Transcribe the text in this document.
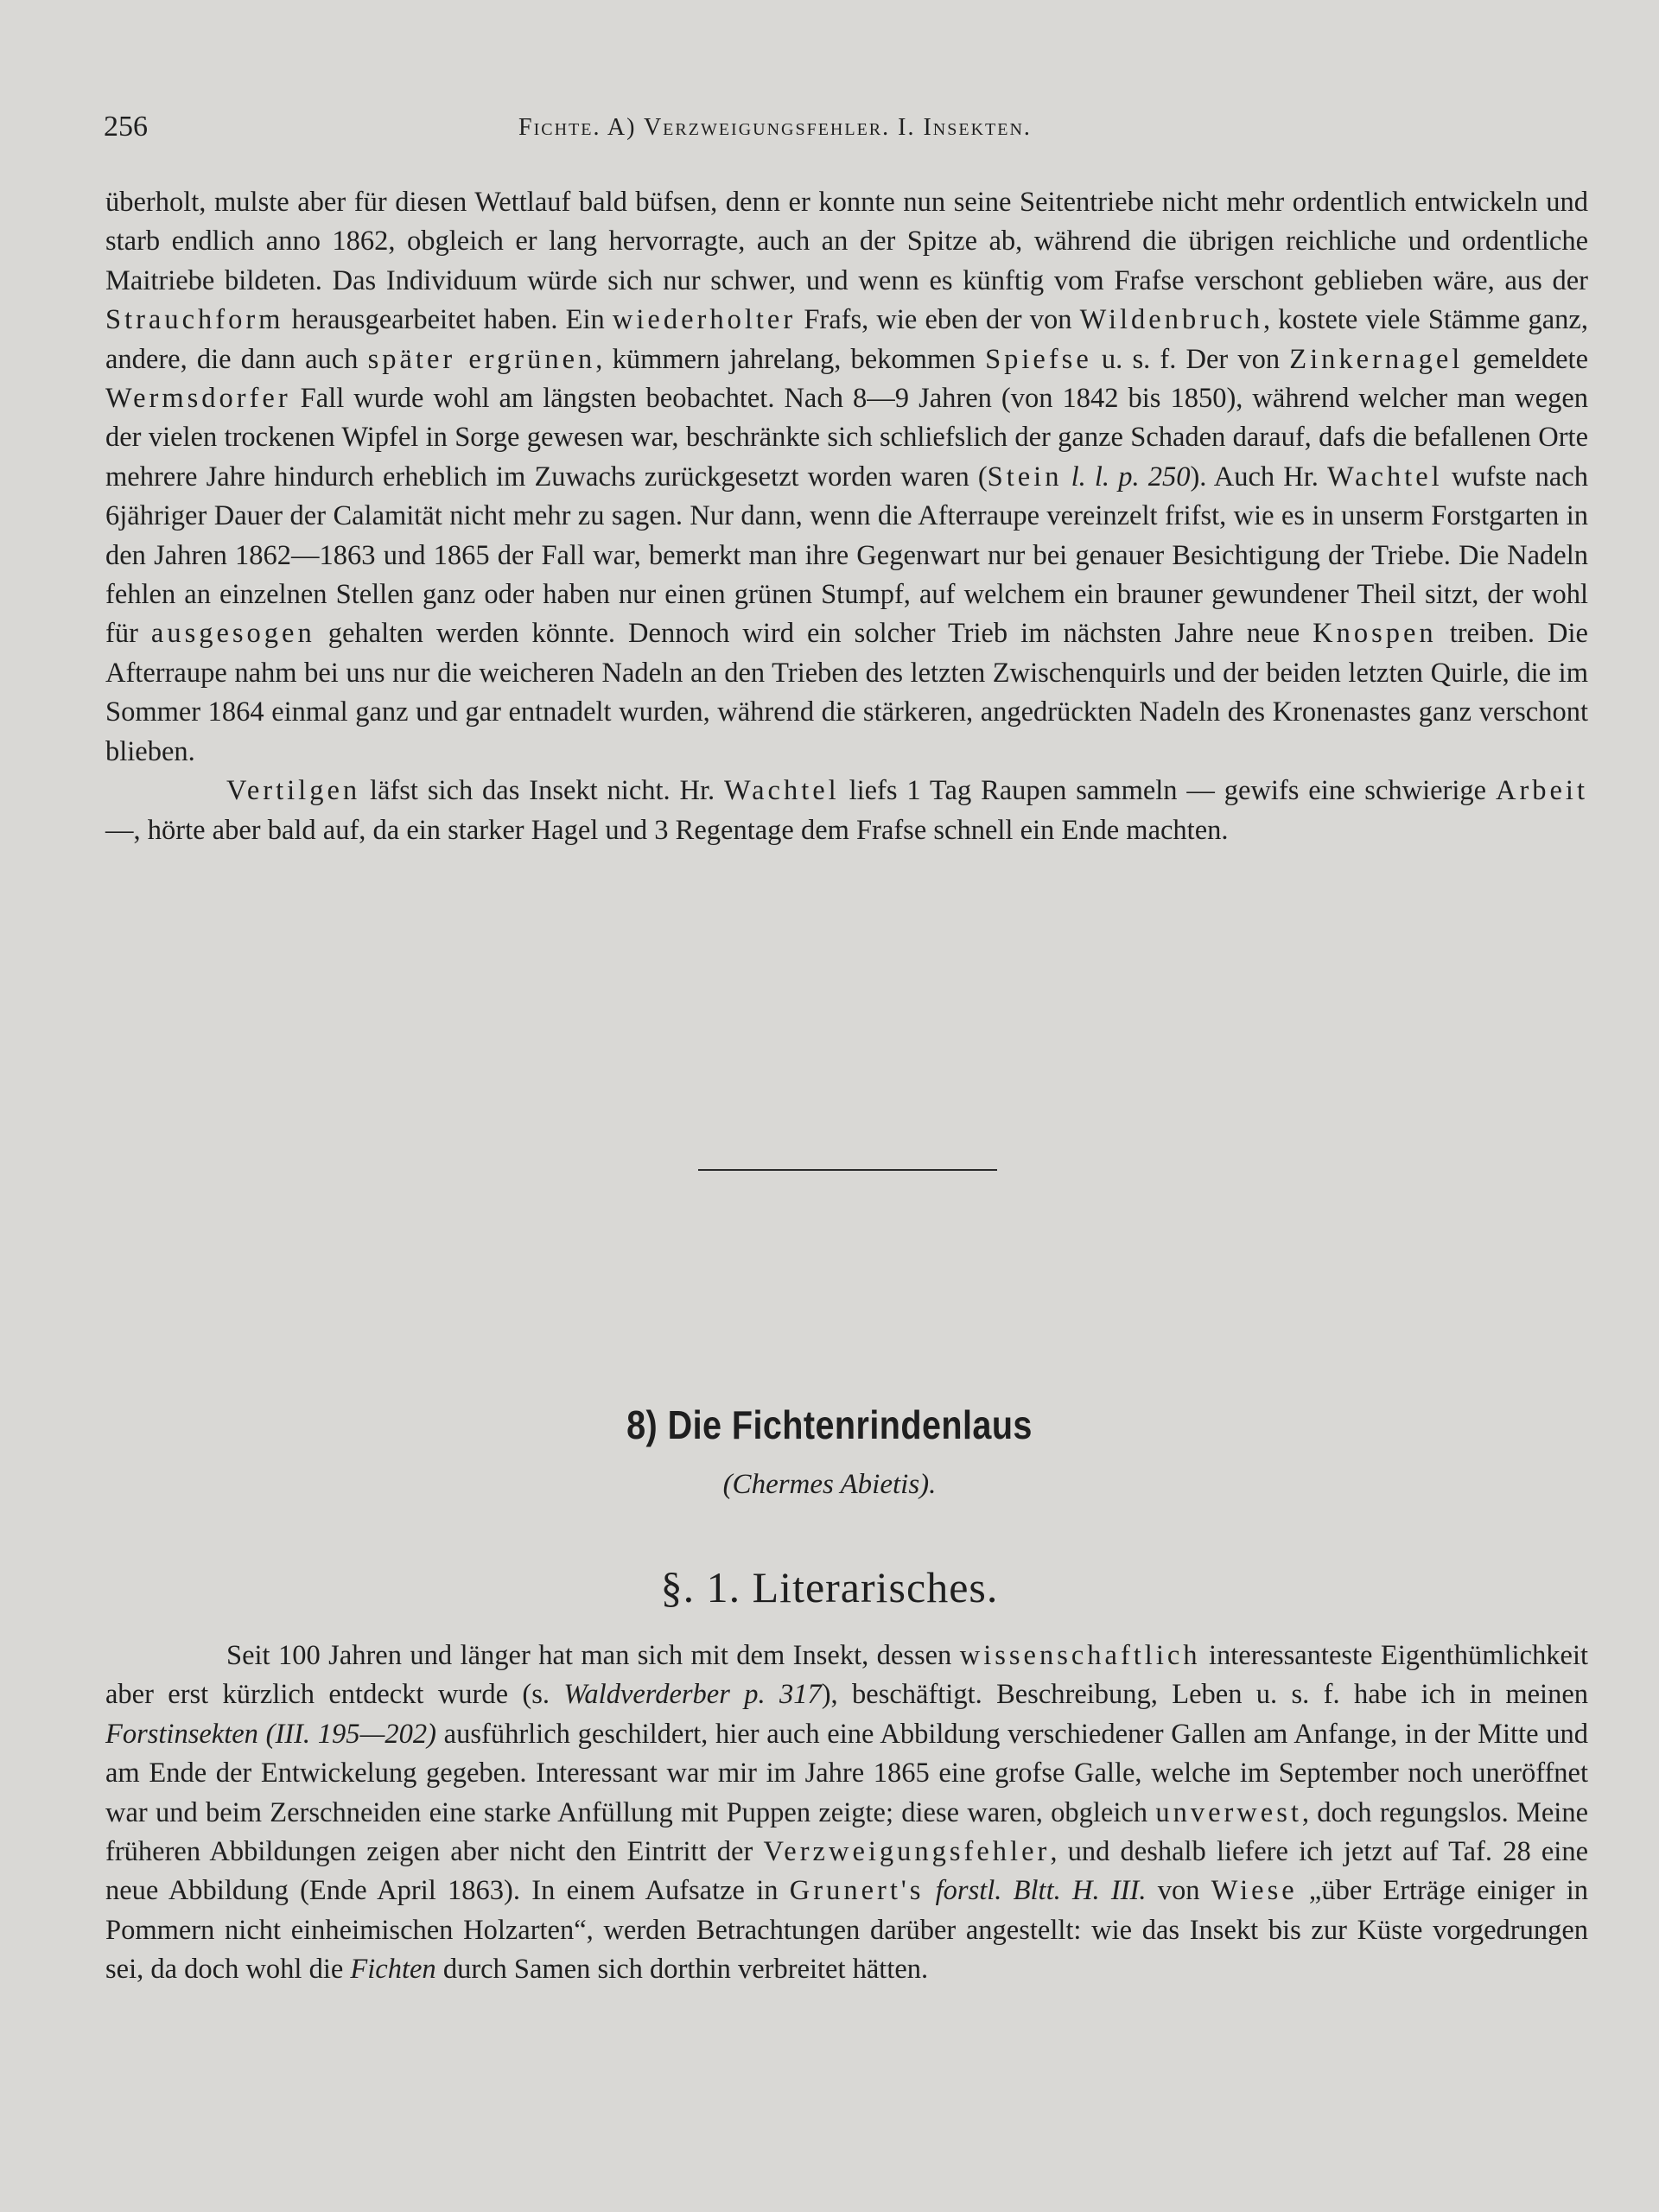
256	Fichte. A) Verzweigungsfehler. I. Insekten.

überholt, mulste aber für diesen Wettlauf bald büfsen, denn er konnte nun seine Seitentriebe nicht mehr ordentlich entwickeln und starb endlich anno 1862, obgleich er lang hervorragte, auch an der Spitze ab, während die übrigen reichliche und ordentliche Maitriebe bildeten. Das Individuum würde sich nur schwer, und wenn es künftig vom Frafse verschont geblieben wäre, aus der Strauchform herausgearbeitet haben. Ein wiederholter Frafs, wie eben der von Wildenbruch, kostete viele Stämme ganz, andere, die dann auch später ergrünen, kümmern jahrelang, bekommen Spiefse u. s. f. Der von Zinkernagel gemeldete Wermsdorfer Fall wurde wohl am längsten beobachtet. Nach 8—9 Jahren (von 1842 bis 1850), während welcher man wegen der vielen trockenen Wipfel in Sorge gewesen war, beschränkte sich schliefslich der ganze Schaden darauf, dafs die befallenen Orte mehrere Jahre hindurch erheblich im Zuwachs zurückgesetzt worden waren (Stein l. l. p. 250). Auch Hr. Wachtel wufste nach 6jähriger Dauer der Calamität nicht mehr zu sagen. Nur dann, wenn die Afterraupe vereinzelt frifst, wie es in unserm Forstgarten in den Jahren 1862—1863 und 1865 der Fall war, bemerkt man ihre Gegenwart nur bei genauer Besichtigung der Triebe. Die Nadeln fehlen an einzelnen Stellen ganz oder haben nur einen grünen Stumpf, auf welchem ein brauner gewundener Theil sitzt, der wohl für ausgesogen gehalten werden könnte. Dennoch wird ein solcher Trieb im nächsten Jahre neue Knospen treiben. Die Afterraupe nahm bei uns nur die weicheren Nadeln an den Trieben des letzten Zwischenquirls und der beiden letzten Quirle, die im Sommer 1864 einmal ganz und gar entnadelt wurden, während die stärkeren, angedrückten Nadeln des Kronenastes ganz verschont blieben.

Vertilgen läfst sich das Insekt nicht. Hr. Wachtel liefs 1 Tag Raupen sammeln — gewifs eine schwierige Arbeit —, hörte aber bald auf, da ein starker Hagel und 3 Regentage dem Frafse schnell ein Ende machten.

8) Die Fichtenrindenlaus
(Chermes Abietis).
§. 1. Literarisches.

Seit 100 Jahren und länger hat man sich mit dem Insekt, dessen wissenschaftlich interessanteste Eigenthümlichkeit aber erst kürzlich entdeckt wurde (s. Waldverderber p. 317), beschäftigt. Beschreibung, Leben u. s. f. habe ich in meinen Forstinsekten (III. 195—202) ausführlich geschildert, hier auch eine Abbildung verschiedener Gallen am Anfange, in der Mitte und am Ende der Entwickelung gegeben. Interessant war mir im Jahre 1865 eine grofse Galle, welche im September noch uneröffnet war und beim Zerschneiden eine starke Anfüllung mit Puppen zeigte; diese waren, obgleich unverwest, doch regungslos. Meine früheren Abbildungen zeigen aber nicht den Eintritt der Verzweigungsfehler, und deshalb liefere ich jetzt auf Taf. 28 eine neue Abbildung (Ende April 1863). In einem Aufsatze in Grunert's forstl. Bltt. H. III. von Wiese „über Erträge einiger in Pommern nicht einheimischen Holzarten“, werden Betrachtungen darüber angestellt: wie das Insekt bis zur Küste vorgedrungen sei, da doch wohl die Fichten durch Samen sich dorthin verbreitet hätten.
